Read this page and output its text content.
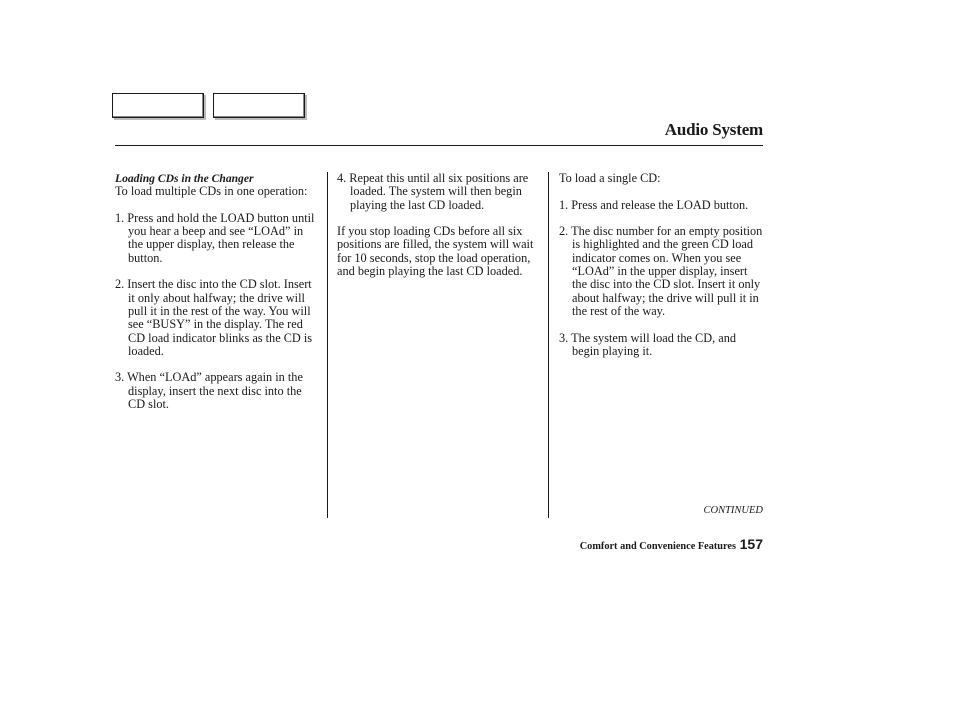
Audio System
Loading CDs in the Changer

To load multiple CDs in one operation:

1. Press and hold the LOAD button until you hear a beep and see “LOAd” in the upper display, then release the button.
2. Insert the disc into the CD slot. Insert it only about halfway; the drive will pull it in the rest of the way. You will see “BUSY” in the display. The red CD load indicator blinks as the CD is loaded.
3. When “LOAd” appears again in the display, insert the next disc into the CD slot.
4. Repeat this until all six positions are loaded. The system will then begin playing the last CD loaded.

If you stop loading CDs before all six positions are filled, the system will wait for 10 seconds, stop the load operation, and begin playing the last CD loaded.

To load a single CD:

1. Press and release the LOAD button.
2. The disc number for an empty position is highlighted and the green CD load indicator comes on. When you see “LOAd” in the upper display, insert the disc into the CD slot. Insert it only about halfway; the drive will pull it in the rest of the way.
3. The system will load the CD, and begin playing it.
CONTINUED
Comfort and Convenience Features 157
